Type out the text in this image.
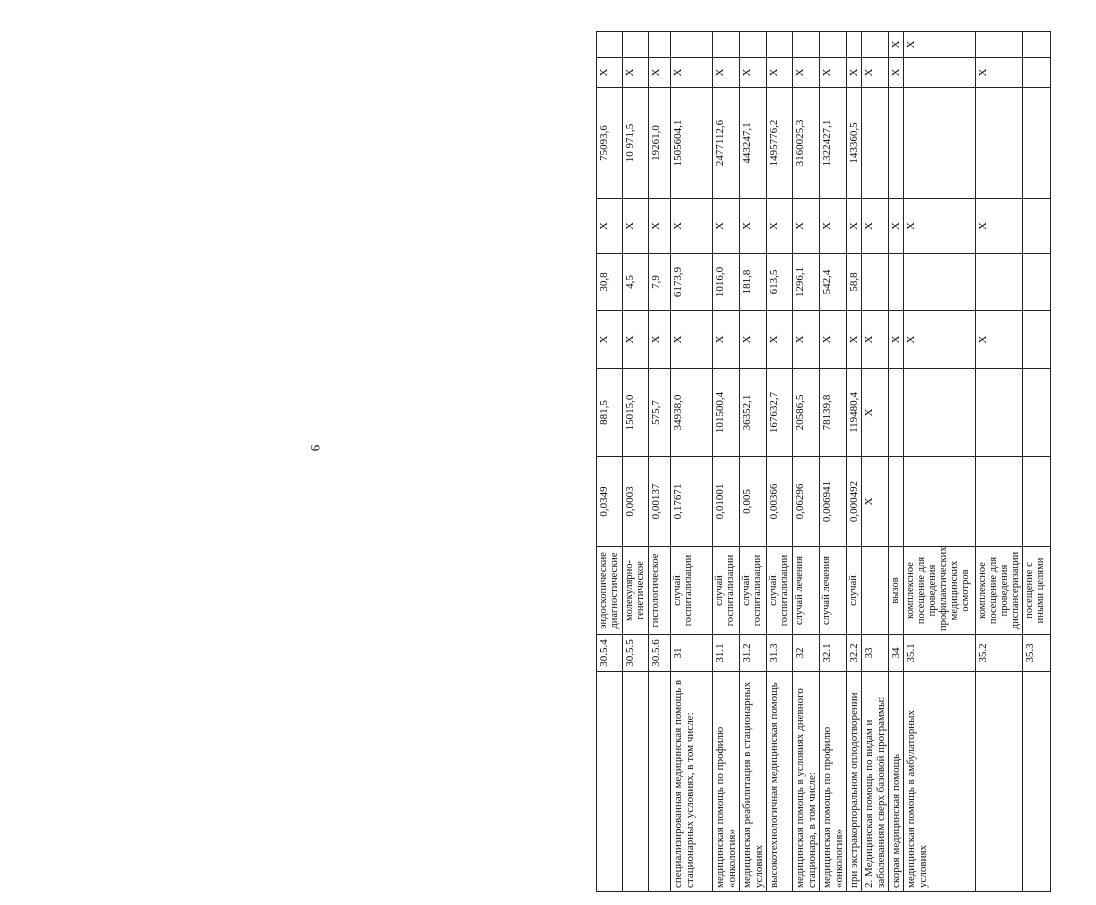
9
	30.5.4	эндоскопические диагностические	0,0349	881,5	X	30,8	X	75093,6	X	
	30.5.5	молекулярно-генетическое	0,0003	15015,0	X	4,5	X	10 971,5	X	
	30.5.6	гистологическое	0,00137	575,7	X	7,9	X	19261,0	X	
специализированная медицинская помощь в стационарных условиях, в том числе:	31	случай госпитализации	0,17671	34938,0	X	6173,9	X	1505604,1	X	
медицинская помощь по профилю «онкология»	31.1	случай госпитализации	0,01001	101500,4	X	1016,0	X	2477112,6	X	
медицинская реабилитация в стационарных условиях	31.2	случай госпитализации	0,005	36352,1	X	181,8	X	443247,1	X	
высокотехнологичная медицинская помощь	31.3	случай госпитализации	0,00366	167632,7	X	613,5	X	1495776,2	X	
медицинская помощь в условиях дневного стационара, в том числе:	32	случай лечения	0,06296	20586,5	X	1296,1	X	3160025,3	X	
медицинская помощь по профилю «онкология»	32.1	случай лечения	0,006941	78139,8	X	542,4	X	1322427,1	X	
при экстракорпоральном оплодотворении	32.2	случай	0,000492	119480,4	X	58,8	X	143360,5	X	
2. Медицинская помощь по видам и заболеваниям сверх базовой программы:	33		X	X	X		X		X	
скорая медицинская помощь	34	вызов			X		X		X	X
медицинская помощь в амбулаторных условиях	35.1	комплексное посещение для проведения профилактических медицинских осмотров			X		X			X
	35.2	комплексное посещение для проведения диспансеризации			X		X		X	
	35.3	посещение с иными целями								
